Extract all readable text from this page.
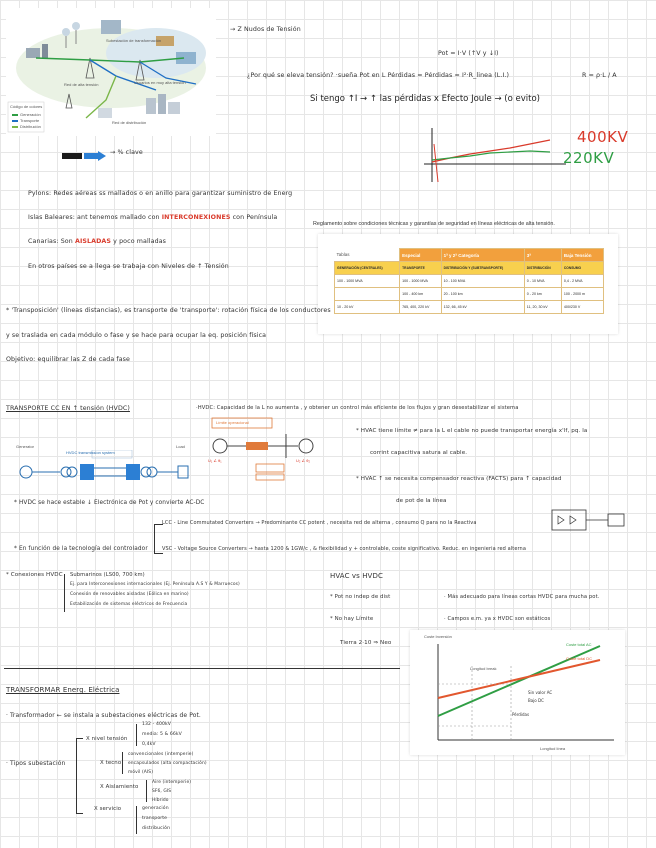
Código de colores
Generación
Transporte
Distribución
Usuarios en muy alta tensión
Subestación de transformación
Red de alta tensión
Red de distribución
→ Z Nudos de Tensión
→ % clave
Pot = I·V (↑V y ↓I)
¿Por qué se eleva tensión? ·sueña Pot en L Pérdidas = Pérdidas = I²·R_linea (L.I.)	R = ρ·L / A
Si tengo ↑I → ↑ las pérdidas x Efecto Joule → (o evito)
400KV
220KV
Pylons: Redes aéreas ss mallados o en anillo para garantizar suministro de Energ
Islas Baleares: ant tenemos mallado con INTERCONEXIONES con Península
Canarias: Son AISLADAS y poco malladas
En otros países se a llega se trabaja con Niveles de ↑ Tensión
Reglamento sobre condiciones técnicas y garantías de seguridad en líneas eléctricas de alta tensión.
Tablas	Especial	1ª y 2ª Categoría	3ª	Baja Tensión
GENERACIÓN (CENTRALES)	TRANSPORTE	DISTRIBUCIÓN Y (SUBTRANSPORTE)	DISTRIBUCIÓN	CONSUMO
100 - 1000 MVA	100 - 1000 MVA	10 - 100 MVA	0 - 10 MVA	0,4 - 2 MVA
	100 - 400 km	20 - 100 km	0 - 20 km	100 - 2000 m
10 - 20 kV	765, 400, 220 kV	132, 66, 45 kV	11, 20, 30 kV	400/230 V
* 'Transposición' (líneas distancias), es transporte de 'transporte': rotación física de los conductores
y se traslada en cada módulo o fase y se hace para ocupar la eq. posición física
Objetivo: equilibrar las Z de cada fase
TRANSPORTE CC EN ↑ tensión (HVDC)	·HVDC: Capacidad de la L no aumenta , y obtener un control más eficiente de los flujos y gran desestabilizar el sistema
HVDC transmission system
Generator	Load
Límite operacional
U₁ ∠ θ₁	U₂ ∠ θ₂
* HVDC se hace estable ↓ Electrónica de Pot y convierte AC-DC
* HVAC tiene límite ≠ para la L el cable no puede transportar energía x'lf, pq. la
corrint capacitiva satura al cable.
* HVAC ↑ se necesita compensador reactiva (FACTS) para ↑ capacidad
de pot de la línea
* En función de la tecnología del controlador
LCC - Line Commutated Converters → Predominante CC potent , necesita red de alterna , consumo Q para no la Reactiva
VSC - Voltage Source Converters → hasta 1200 & 1GW/c , & flexibilidad y + controlable, coste significativo. Reduc. en ingenieria red alterna
* Conexiones HVDC Submarinos (LS00, 700 km)
Ej. para Interconexiones internacionales (Ej. Península A.S Y & Marruecos)
Conexión de renovables aisladas (Eólica en marino)
Estabilización de sistemas eléctricos de Frecuencia
HVAC vs HVDC
* Pot no indep de dist
* No hay Límite
· Más adecuado para líneas cortas HVDC para mucha pot.
· Campos e.m. ya x HVDC son estáticos
Tierra 2·10 ⇒ Neo
Coste Inversión
Longitud línea
Coste total AC
Coste total DC
Longitud break
Sin valor AC
Bajo DC
Pérdidas
TRANSFORMAR Energ. Eléctrica
· Transformador ← se instala a subestaciones eléctricas de Pot.
· Tipos subestación
X nivel tensión
132 - 400kV
media: 5 & 66kV
0,4kV
X tecno
convencionales (intemperie)
encapsulados (alta compactación)
móvil (AIS)
X Aislamiento
Aire (intemperie)
SF6, GIS
Híbrido
X servicio	generación
transporte
distribución
